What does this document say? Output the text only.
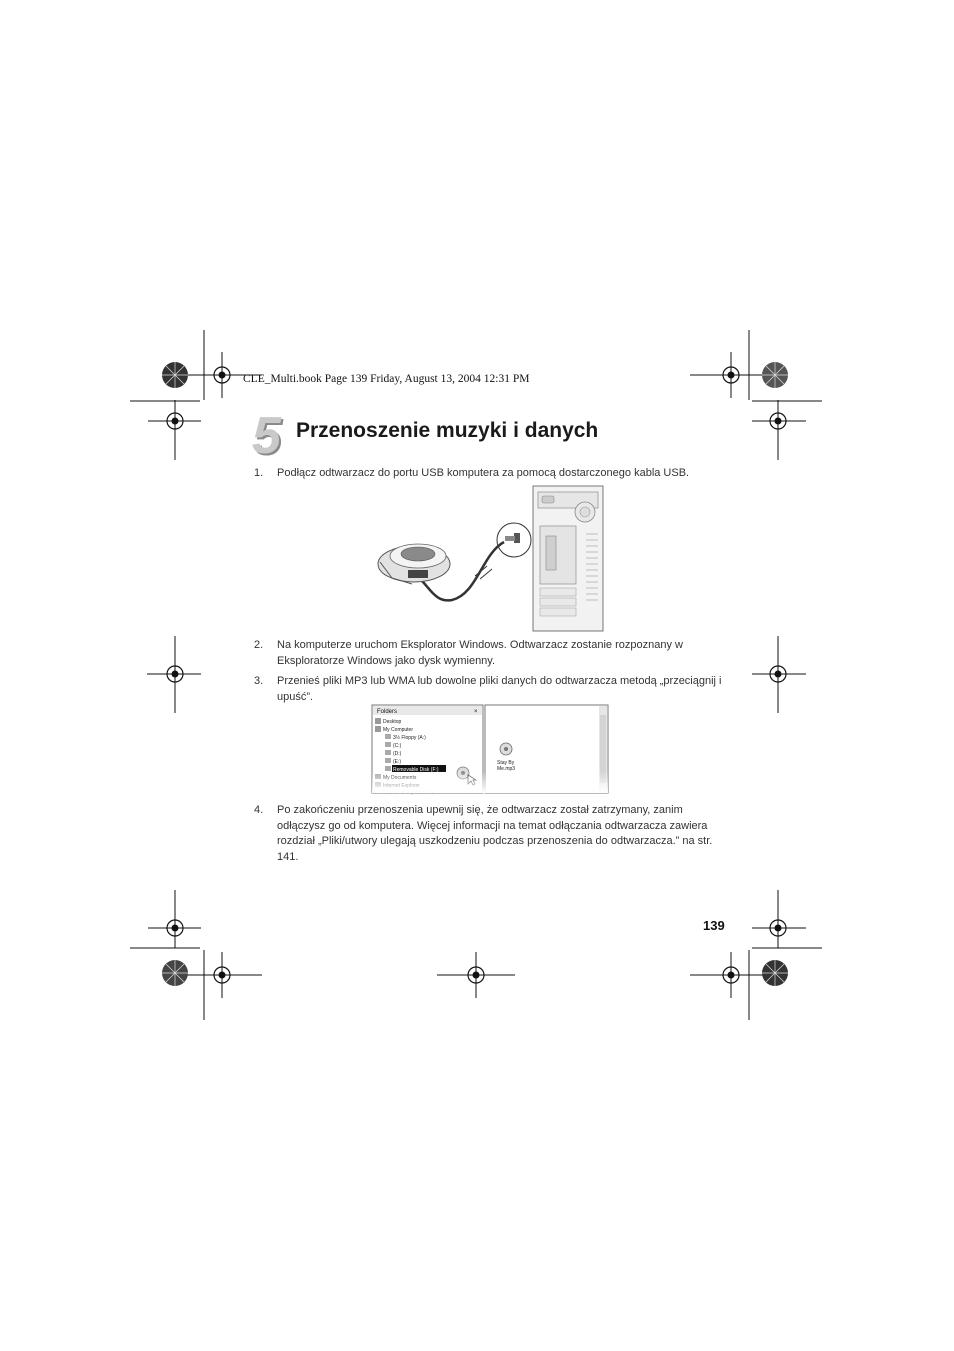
CLE_Multi.book Page 139 Friday, August 13, 2004 12:31 PM
5 Przenoszenie muzyki i danych
1. Podłącz odtwarzacz do portu USB komputera za pomocą dostarczonego kabla USB.
2. Na komputerze uruchom Eksplorator Windows. Odtwarzacz zostanie rozpoznany w Eksploratorze Windows jako dysk wymienny.
3. Przenieś pliki MP3 lub WMA lub dowolne pliki danych do odtwarzacza metodą „przeciągnij i upuść”.
4. Po zakończeniu przenoszenia upewnij się, że odtwarzacz został zatrzymany, zanim odłączysz go od komputera. Więcej informacji na temat odłączania odtwarzacza zawiera rozdział „Pliki/utwory ulegają uszkodzeniu podczas przenoszenia do odtwarzacza.” na str. 141.
139
